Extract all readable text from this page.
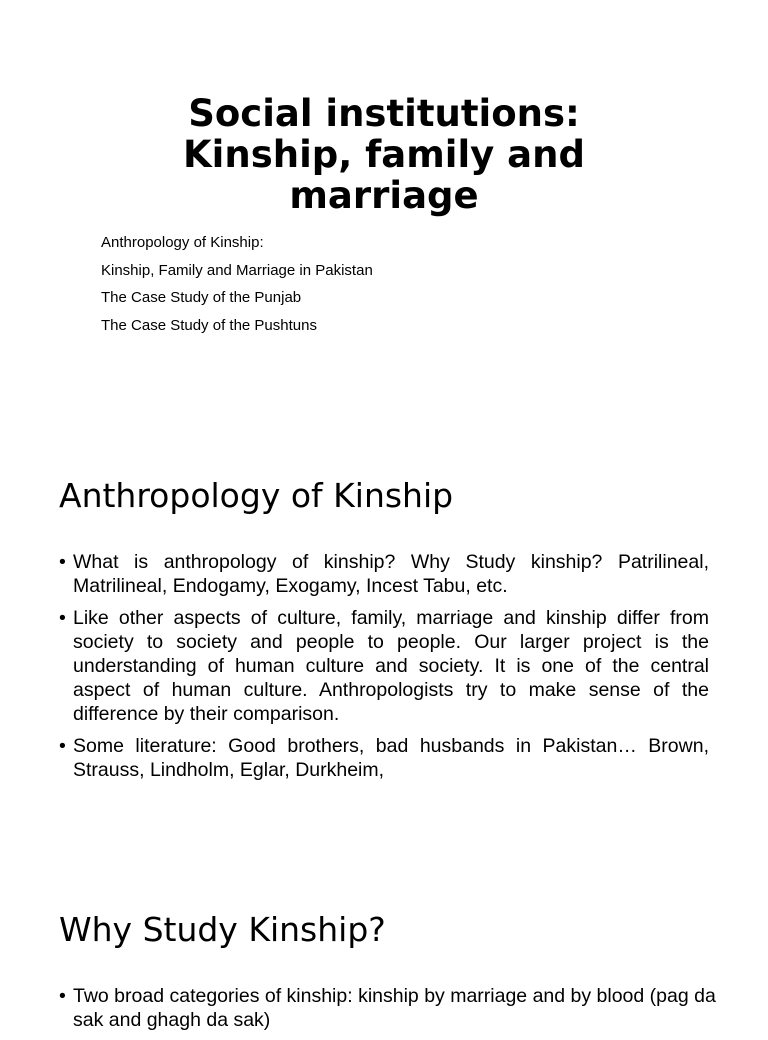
Social institutions:
Kinship, family and
marriage
Anthropology of Kinship:
Kinship, Family and Marriage in Pakistan
The Case Study of the Punjab
The Case Study of the Pushtuns
Anthropology of Kinship
• What is anthropology of kinship? Why Study kinship? Patrilineal, Matrilineal, Endogamy, Exogamy, Incest Tabu, etc.
• Like other aspects of culture, family, marriage and kinship differ from society to society and people to people. Our larger project is the understanding of human culture and society. It is one of the central aspect of human culture. Anthropologists try to make sense of the difference by their comparison.
• Some literature: Good brothers, bad husbands in Pakistan… Brown, Strauss, Lindholm, Eglar, Durkheim,
Why Study Kinship?
• Two broad categories of kinship: kinship by marriage and by blood (pag da sak and ghagh da sak)
